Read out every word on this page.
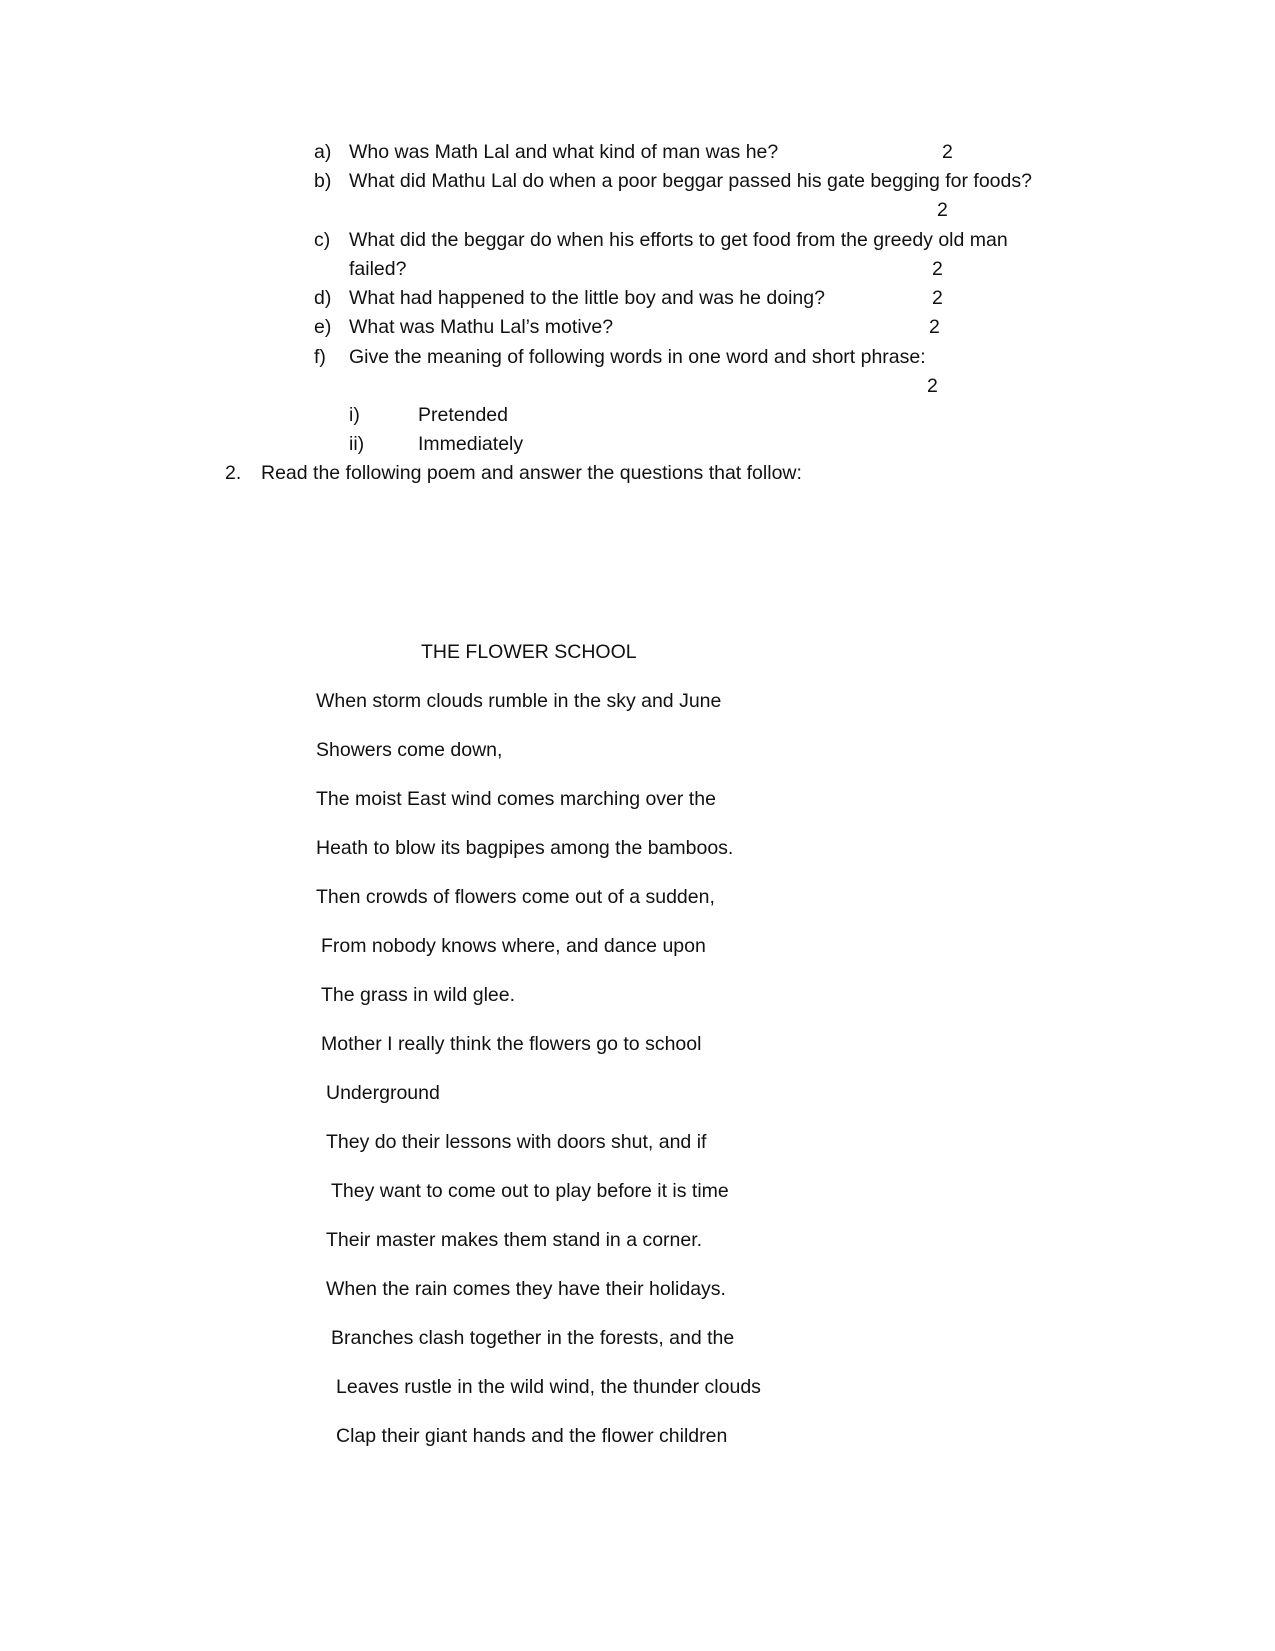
a) Who was Math Lal and what kind of man was he?	2
b) What did Mathu Lal do when a poor beggar passed his gate begging for foods?
2
c) What did the beggar do when his efforts to get food from the greedy old man
failed?	2
d) What had happened to the little boy and was he doing?	2
e) What was Mathu Lal’s motive?	2
f) Give the meaning of following words in one word and short phrase:
2
i)	Pretended
ii)	Immediately
2. Read the following poem and answer the questions that follow:
THE FLOWER SCHOOL
When storm clouds rumble in the sky and June
Showers come down,
The moist East wind comes marching over the
Heath to blow its bagpipes among the bamboos.
Then crowds of flowers come out of a sudden,
From nobody knows where, and dance upon
The grass in wild glee.
Mother I really think the flowers go to school
Underground
They do their lessons with doors shut, and if
They want to come out to play before it is time
Their master makes them stand in a corner.
When the rain comes they have their holidays.
Branches clash together in the forests, and the
Leaves rustle in the wild wind, the thunder clouds
Clap their giant hands and the flower children
